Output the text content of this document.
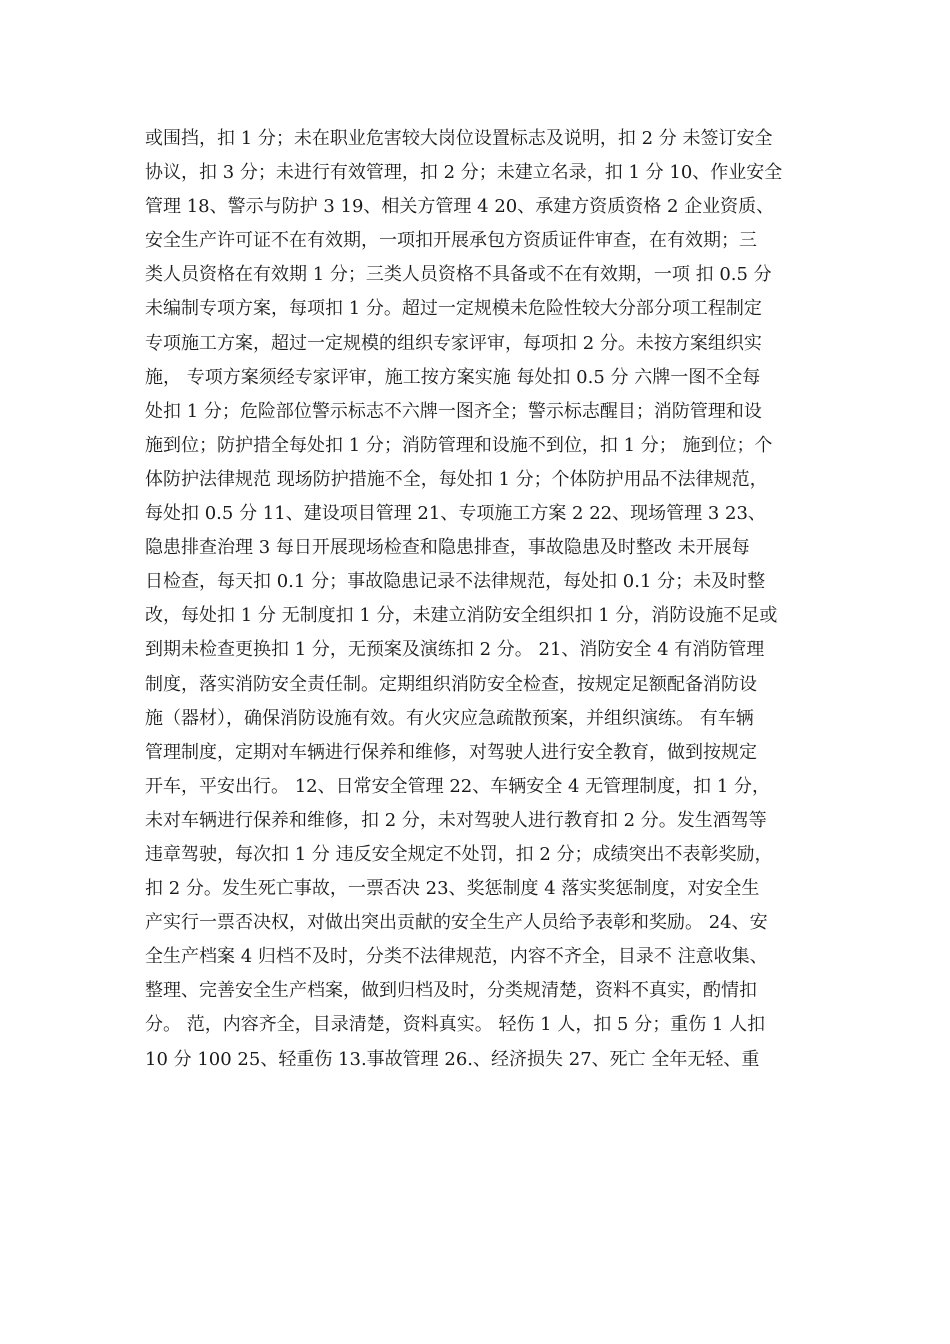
或围挡，扣 1 分；未在职业危害较大岗位设置标志及说明，扣 2 分 未签订安全
协议，扣 3 分；未进行有效管理，扣 2 分；未建立名录，扣 1 分 10、作业安全
管理 18、警示与防护 3 19、相关方管理 4 20、承建方资质资格 2 企业资质、
安全生产许可证不在有效期，一项扣开展承包方资质证件审查，在有效期；三
类人员资格在有效期 1 分；三类人员资格不具备或不在有效期，一项 扣 0.5 分
未编制专项方案，每项扣 1 分。超过一定规模未危险性较大分部分项工程制定
专项施工方案，超过一定规模的组织专家评审，每项扣 2 分。未按方案组织实
施， 专项方案须经专家评审，施工按方案实施 每处扣 0.5 分 六牌一图不全每
处扣 1 分；危险部位警示标志不六牌一图齐全；警示标志醒目；消防管理和设
施到位；防护措全每处扣 1 分；消防管理和设施不到位，扣 1 分； 施到位；个
体防护法律规范 现场防护措施不全，每处扣 1 分；个体防护用品不法律规范，
每处扣 0.5 分 11、建设项目管理 21、专项施工方案 2 22、现场管理 3 23、
隐患排查治理 3 每日开展现场检查和隐患排查，事故隐患及时整改 未开展每
日检查，每天扣 0.1 分；事故隐患记录不法律规范，每处扣 0.1 分；未及时整
改，每处扣 1 分 无制度扣 1 分，未建立消防安全组织扣 1 分，消防设施不足或
到期未检查更换扣 1 分，无预案及演练扣 2 分。 21、消防安全 4 有消防管理
制度，落实消防安全责任制。定期组织消防安全检查，按规定足额配备消防设
施（器材），确保消防设施有效。有火灾应急疏散预案，并组织演练。 有车辆
管理制度，定期对车辆进行保养和维修，对驾驶人进行安全教育，做到按规定
开车，平安出行。 12、日常安全管理 22、车辆安全 4 无管理制度，扣 1 分，
未对车辆进行保养和维修，扣 2 分，未对驾驶人进行教育扣 2 分。发生酒驾等
违章驾驶，每次扣 1 分 违反安全规定不处罚，扣 2 分；成绩突出不表彰奖励，
扣 2 分。发生死亡事故，一票否决 23、奖惩制度 4 落实奖惩制度，对安全生
产实行一票否决权，对做出突出贡献的安全生产人员给予表彰和奖励。 24、安
全生产档案 4 归档不及时，分类不法律规范，内容不齐全，目录不 注意收集、
整理、完善安全生产档案，做到归档及时，分类规清楚，资料不真实，酌情扣
分。 范，内容齐全，目录清楚，资料真实。 轻伤 1 人，扣 5 分；重伤 1 人扣
10 分 100 25、轻重伤 13.事故管理 26.、经济损失 27、死亡 全年无轻、重
